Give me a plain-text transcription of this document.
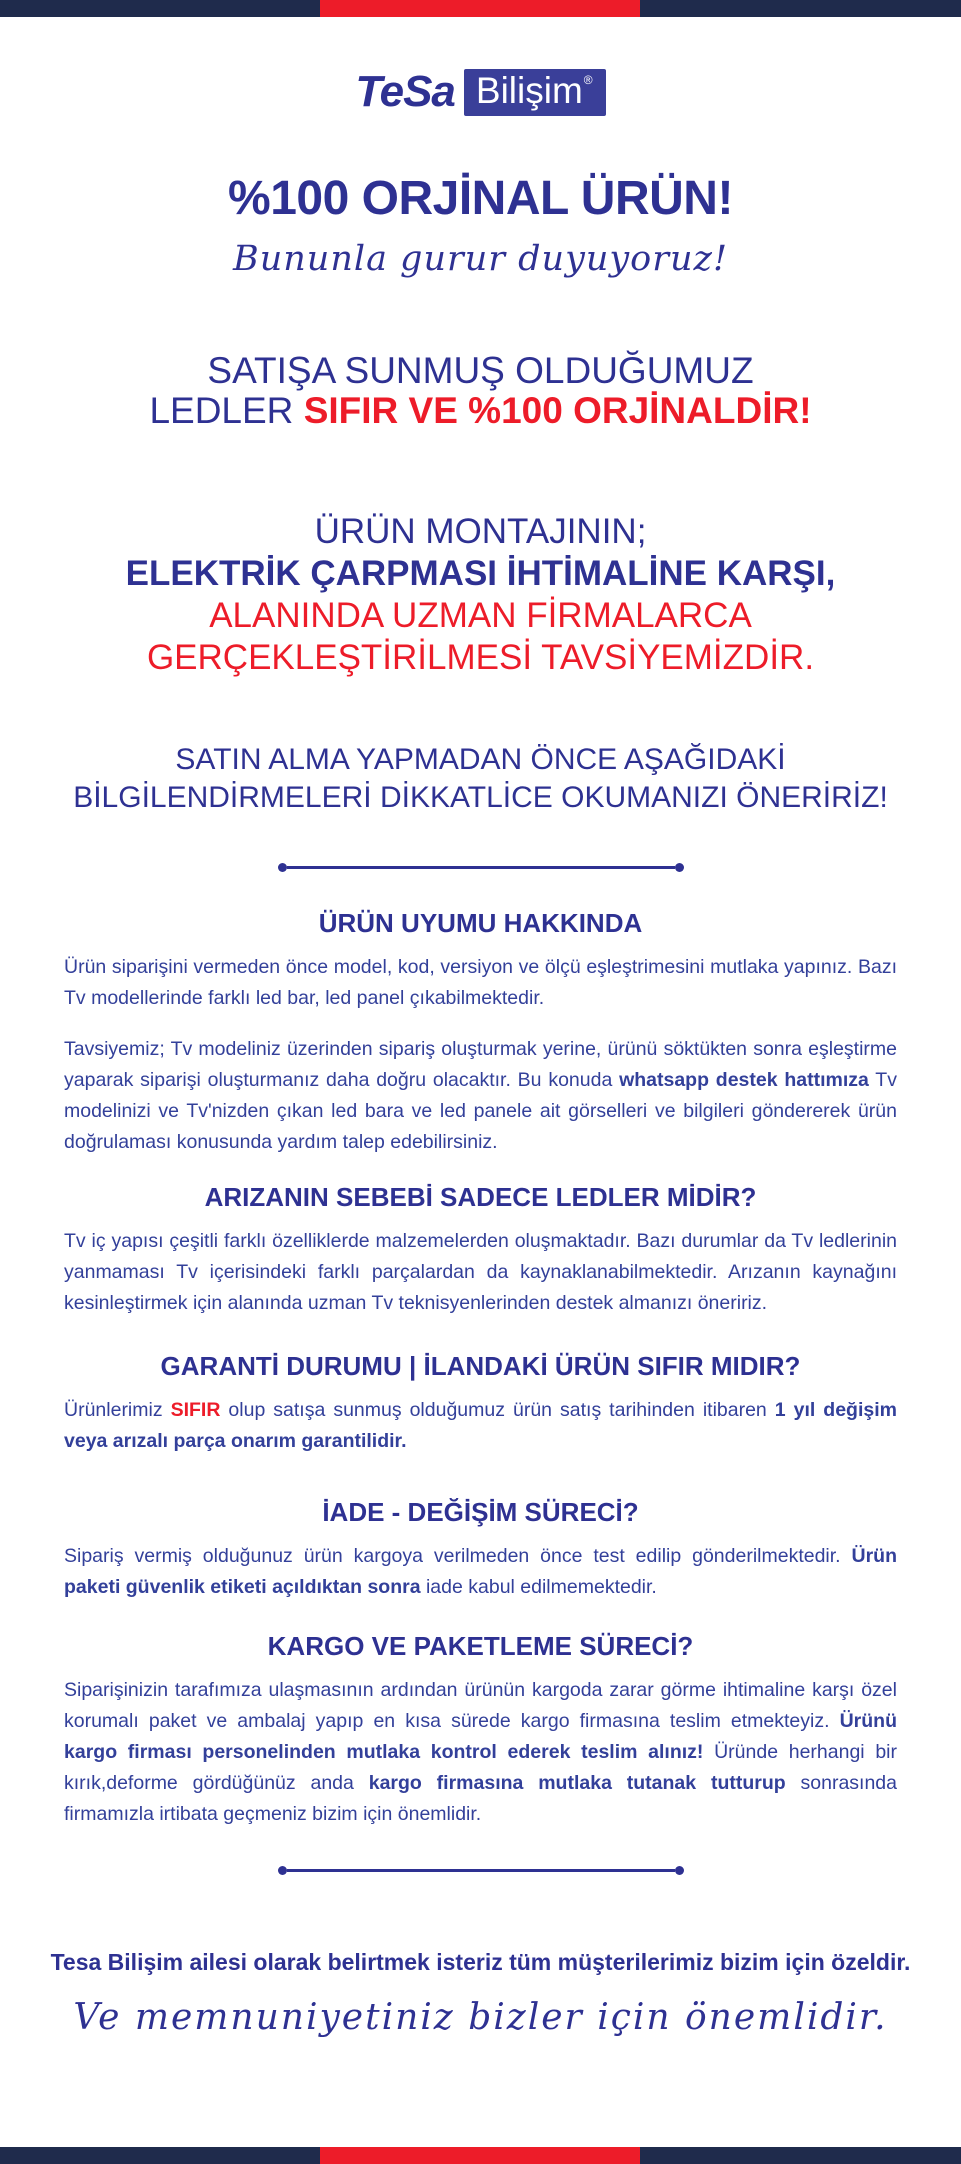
TeSa Bilişim®
%100 ORJİNAL ÜRÜN!
Bununla gurur duyuyoruz!
SATIŞA SUNMUŞ OLDUĞUMUZ
LEDLER SIFIR VE %100 ORJİNALDİR!
ÜRÜN MONTAJININ;
ELEKTRİK ÇARPMASI İHTİMALİNE KARŞI,
ALANINDA UZMAN FİRMALARCA
GERÇEKLEŞTİRİLMESİ TAVSİYEMİZDİR.
SATIN ALMA YAPMADAN ÖNCE AŞAĞIDAKİ
BİLGİLENDİRMELERİ DİKKATLİCE OKUMANIZI ÖNERİRİZ!
ÜRÜN UYUMU HAKKINDA

Ürün siparişini vermeden önce model, kod, versiyon ve ölçü eşleştrimesini mutlaka yapınız. Bazı Tv modellerinde farklı led bar, led panel çıkabilmektedir.

Tavsiyemiz; Tv modeliniz üzerinden sipariş oluşturmak yerine, ürünü söktükten sonra eşleştirme yaparak siparişi oluşturmanız daha doğru olacaktır. Bu konuda whatsapp destek hattımıza Tv modelinizi ve Tv'nizden çıkan led bara ve led panele ait görselleri ve bilgileri göndererek ürün doğrulaması konusunda yardım talep edebilirsiniz.

ARIZANIN SEBEBİ SADECE LEDLER MİDİR?

Tv iç yapısı çeşitli farklı özelliklerde malzemelerden oluşmaktadır. Bazı durumlar da Tv ledlerinin yanmaması Tv içerisindeki farklı parçalardan da kaynaklanabilmektedir. Arızanın kaynağını kesinleştirmek için alanında uzman Tv teknisyenlerinden destek almanızı öneririz.

GARANTİ DURUMU | İLANDAKİ ÜRÜN SIFIR MIDIR?

Ürünlerimiz SIFIR olup satışa sunmuş olduğumuz ürün satış tarihinden itibaren 1 yıl değişim veya arızalı parça onarım garantilidir.

İADE - DEĞİŞİM SÜRECİ?

Sipariş vermiş olduğunuz ürün kargoya verilmeden önce test edilip gönderilmektedir. Ürün paketi güvenlik etiketi açıldıktan sonra iade kabul edilmemektedir.

KARGO VE PAKETLEME SÜRECİ?

Siparişinizin tarafımıza ulaşmasının ardından ürünün kargoda zarar görme ihtimaline karşı özel korumalı paket ve ambalaj yapıp en kısa sürede kargo firmasına teslim etmekteyiz. Ürünü kargo firması personelinden mutlaka kontrol ederek teslim alınız! Üründe herhangi bir kırık,deforme gördüğünüz anda kargo firmasına mutlaka tutanak tutturup sonrasında firmamızla irtibata geçmeniz bizim için önemlidir.

Tesa Bilişim ailesi olarak belirtmek isteriz tüm müşterilerimiz bizim için özeldir.
Ve memnuniyetiniz bizler için önemlidir.
